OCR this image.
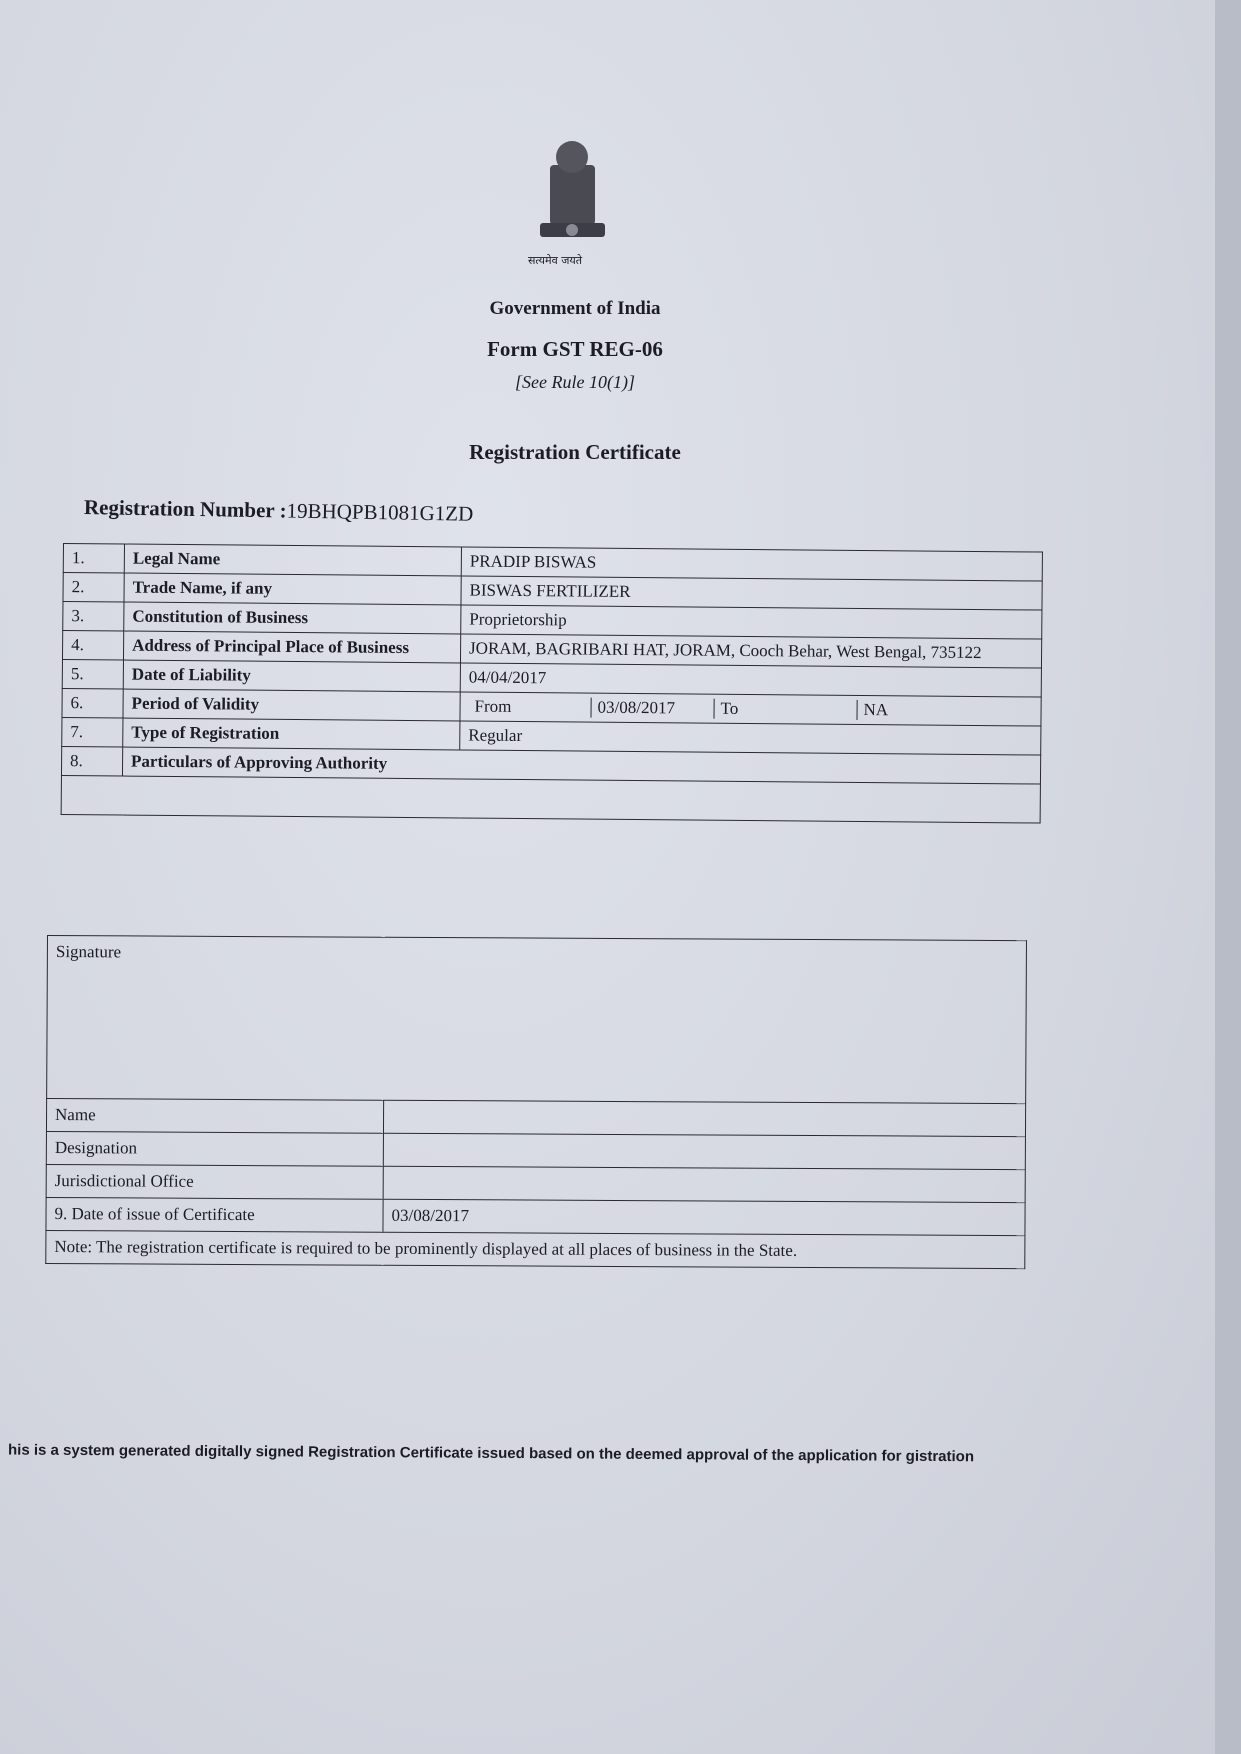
सत्यमेव जयते
Government of India
Form GST REG-06
[See Rule 10(1)]
Registration Certificate
Registration Number :19BHQPB1081G1ZD
1.	Legal Name	PRADIP BISWAS
2.	Trade Name, if any	BISWAS FERTILIZER
3.	Constitution of Business	Proprietorship
4.	Address of Principal Place of Business	JORAM, BAGRIBARI HAT, JORAM, Cooch Behar, West Bengal, 735122
5.	Date of Liability	04/04/2017
6.	Period of Validity	From 03/08/2017 To NA

7.	Type of Registration	Regular
8.	Particulars of Approving Authority	

Signature	
Name	
Designation	
Jurisdictional Office	
9. Date of issue of Certificate	03/08/2017
Note: The registration certificate is required to be prominently displayed at all places of business in the State.	
his is a system generated digitally signed Registration Certificate issued based on the deemed approval of the application for gistration
